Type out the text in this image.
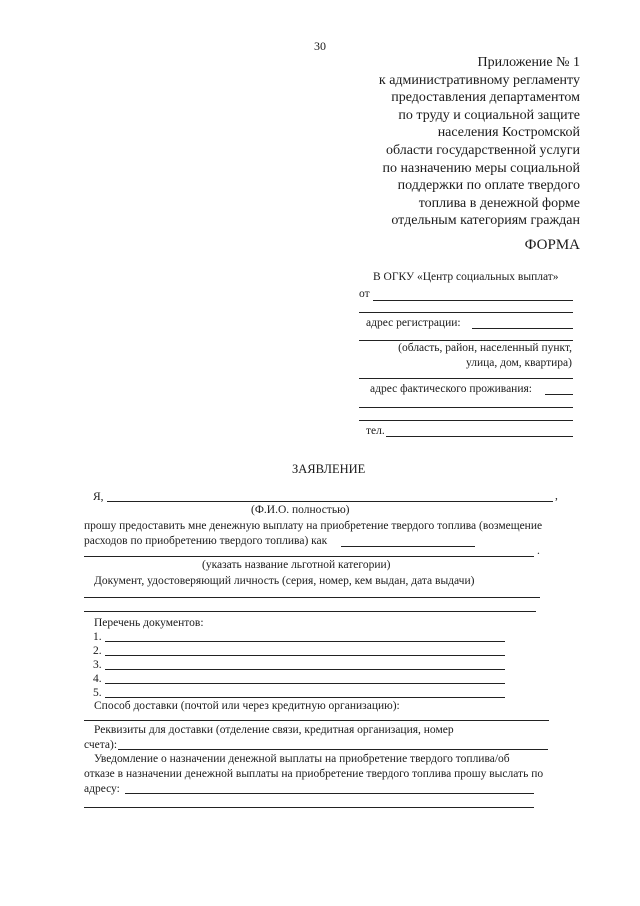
30
Приложение № 1
к административному регламенту
предоставления департаментом
по труду и социальной защите
населения Костромской
области государственной услуги
по назначению меры социальной
поддержки по оплате твердого
топлива в денежной форме
отдельным категориям граждан
ФОРМА
В ОГКУ «Центр социальных выплат»
от
адрес регистрации:
(область, район, населенный пункт,
улица, дом, квартира)
адрес фактического проживания:
тел.
ЗАЯВЛЕНИЕ
Я,	,
(Ф.И.О. полностью)
прошу предоставить мне денежную выплату на приобретение твердого топлива (возмещение
расходов по приобретению твердого топлива) как
.
(указать название льготной категории)
Документ, удостоверяющий личность (серия, номер, кем выдан, дата выдачи)
Перечень документов:
1.
2.
3.
4.
5.
Способ доставки (почтой или через кредитную организацию):
Реквизиты для доставки (отделение связи, кредитная организация, номер
счета):
Уведомление о назначении денежной выплаты на приобретение твердого топлива/об
отказе в назначении денежной выплаты на приобретение твердого топлива прошу выслать по
адресу:
